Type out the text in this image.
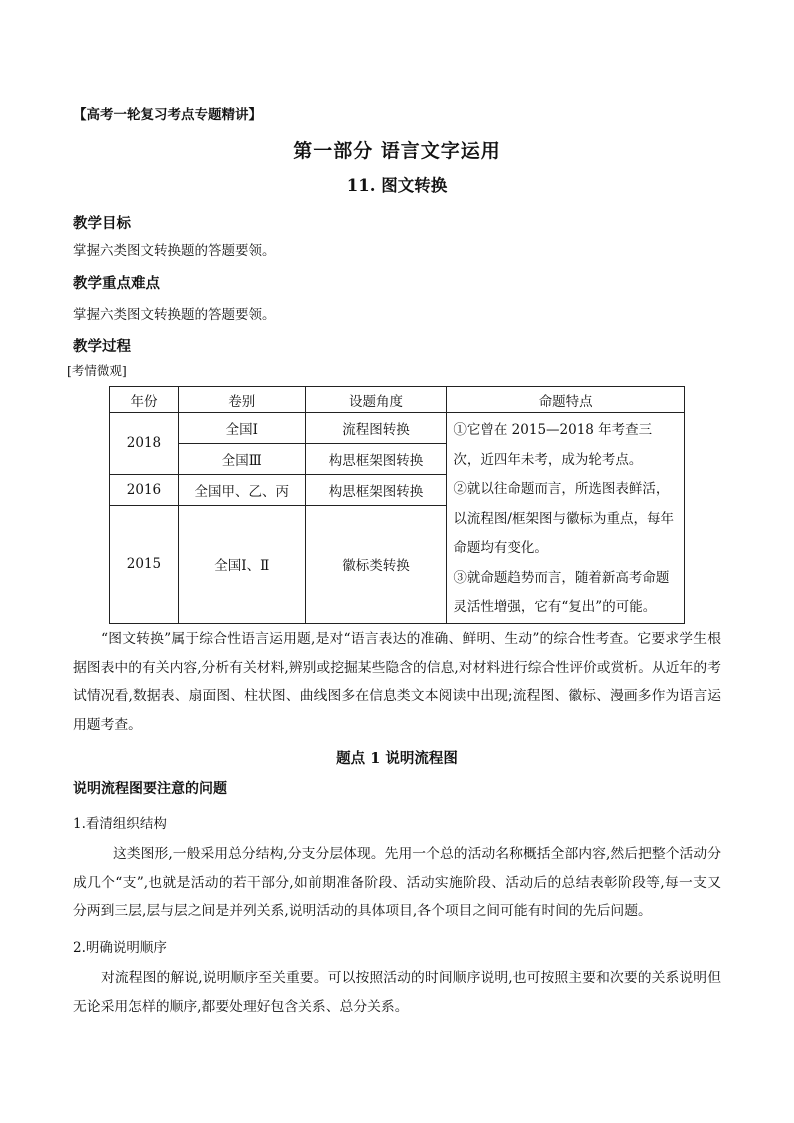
【高考一轮复习考点专题精讲】
第一部分 语言文字运用
11. 图文转换
教学目标
掌握六类图文转换题的答题要领。
教学重点难点
掌握六类图文转换题的答题要领。
教学过程
[考情微观]
年份	卷别	设题角度	命题特点
2018	全国Ⅰ	流程图转换	①它曾在 2015—2018 年考查三次，近四年未考，成为轮考点。
②就以往命题而言，所选图表鲜活，以流程图/框架图与徽标为重点，每年命题均有变化。
③就命题趋势而言，随着新高考命题灵活性增强，它有“复出”的可能。

	全国Ⅲ	构思框架图转换	
2016	全国甲、乙、丙	构思框架图转换	
2015	全国Ⅰ、Ⅱ	徽标类转换	
“图文转换”属于综合性语言运用题,是对“语言表达的准确、鲜明、生动”的综合性考查。它要求学生根据图表中的有关内容,分析有关材料,辨别或挖掘某些隐含的信息,对材料进行综合性评价或赏析。从近年的考试情况看,数据表、扇面图、柱状图、曲线图多在信息类文本阅读中出现;流程图、徽标、漫画多作为语言运用题考查。
题点 1 说明流程图
说明流程图要注意的问题
1.看清组织结构
这类图形,一般采用总分结构,分支分层体现。先用一个总的活动名称概括全部内容,然后把整个活动分成几个“支”,也就是活动的若干部分,如前期准备阶段、活动实施阶段、活动后的总结表彰阶段等,每一支又分两到三层,层与层之间是并列关系,说明活动的具体项目,各个项目之间可能有时间的先后问题。
2.明确说明顺序
对流程图的解说,说明顺序至关重要。可以按照活动的时间顺序说明,也可按照主要和次要的关系说明但无论采用怎样的顺序,都要处理好包含关系、总分关系。
